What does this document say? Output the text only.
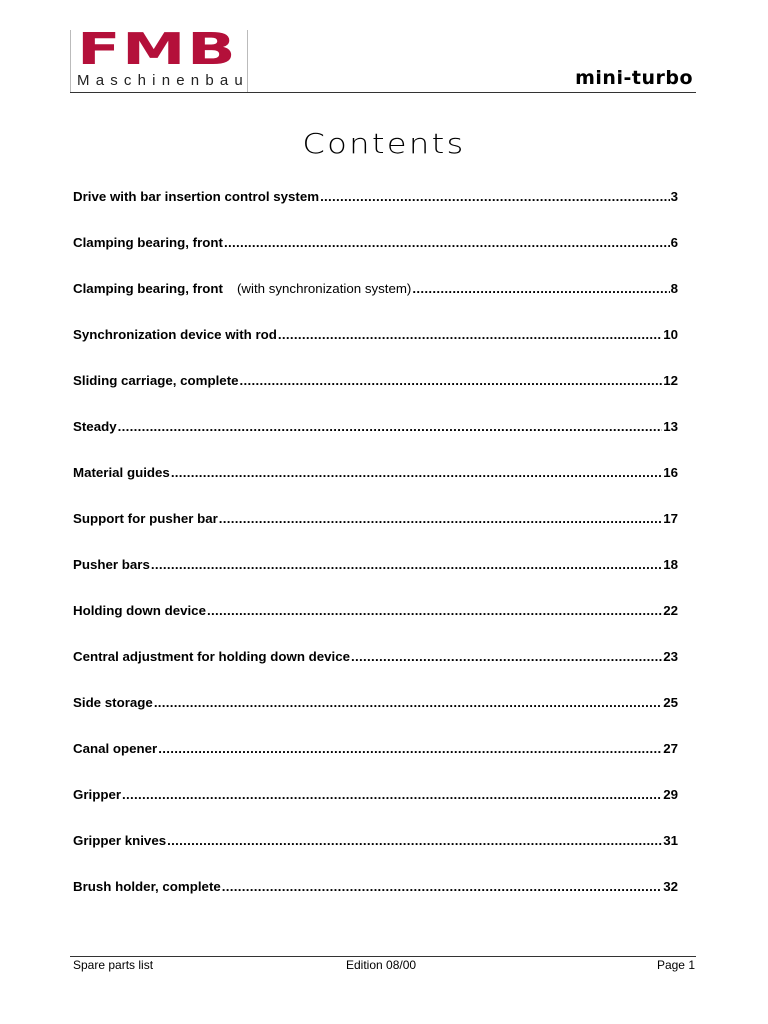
FMB
Maschinenbau	mini-turbo
Contents
Drive with bar insertion control system .....	3
Clamping bearing, front .....	6
Clamping bearing, front (with synchronization system) .....	8
Synchronization device with rod .....	10
Sliding carriage, complete .....	12
Steady .....	13
Material guides .....	16
Support for pusher bar .....	17
Pusher bars .....	18
Holding down device .....	22
Central adjustment for holding down device .....	23
Side storage .....	25
Canal opener .....	27
Gripper .....	29
Gripper knives .....	31
Brush holder, complete .....	32
Spare parts list	Edition 08/00	Page 1
